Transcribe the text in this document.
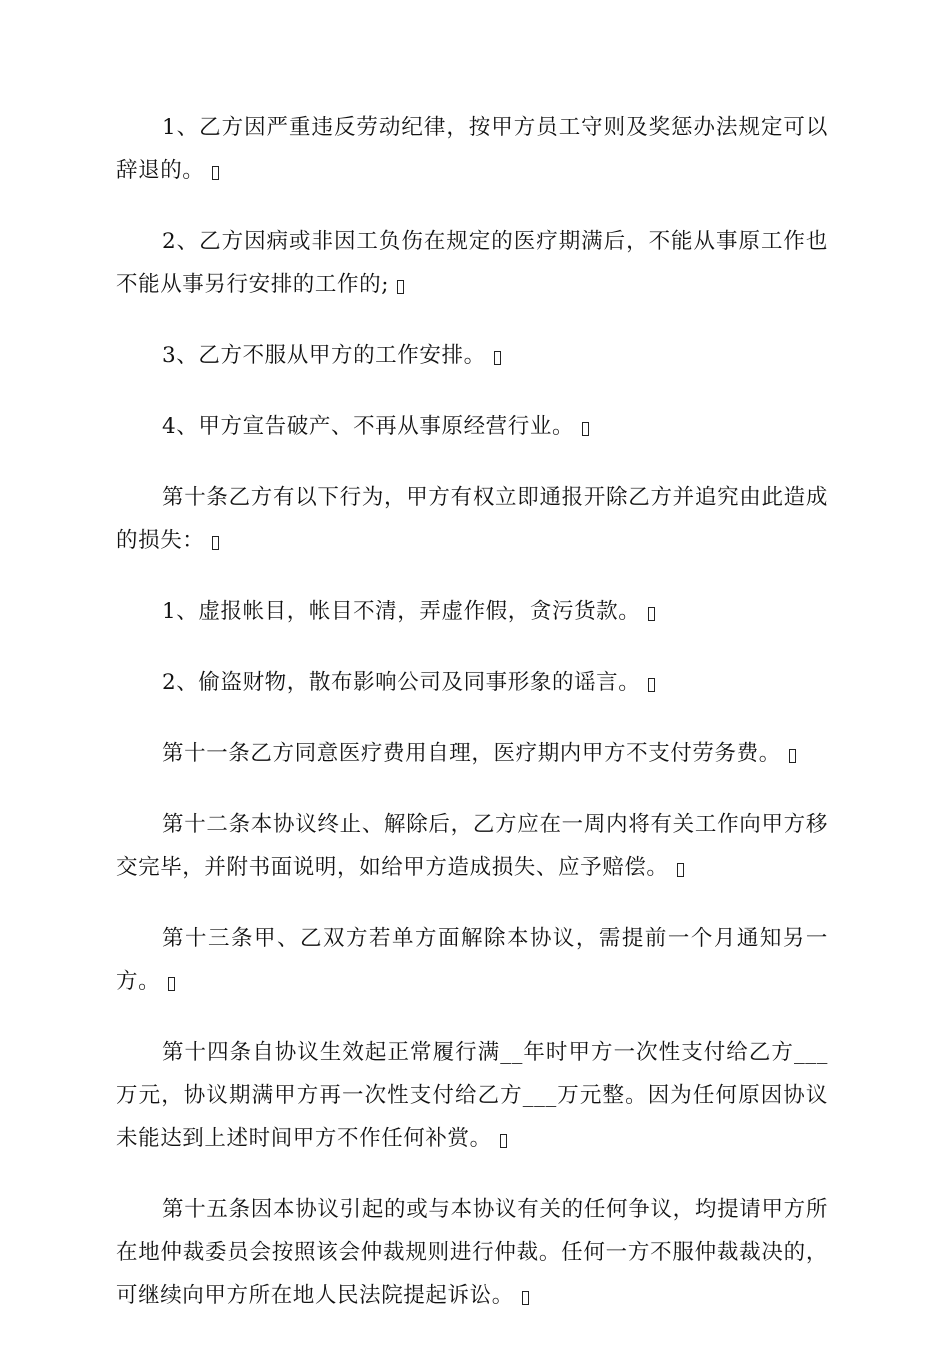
1、乙方因严重违反劳动纪律，按甲方员工守则及奖惩办法规定可以辞退的。

2、乙方因病或非因工负伤在规定的医疗期满后，不能从事原工作也不能从事另行安排的工作的;

3、乙方不服从甲方的工作安排。

4、甲方宣告破产、不再从事原经营行业。

第十条乙方有以下行为，甲方有权立即通报开除乙方并追究由此造成的损失：

1、虚报帐目，帐目不清，弄虚作假，贪污货款。

2、偷盗财物，散布影响公司及同事形象的谣言。

第十一条乙方同意医疗费用自理，医疗期内甲方不支付劳务费。

第十二条本协议终止、解除后，乙方应在一周内将有关工作向甲方移交完毕，并附书面说明，如给甲方造成损失、应予赔偿。

第十三条甲、乙双方若单方面解除本协议，需提前一个月通知另一方。

第十四条自协议生效起正常履行满__年时甲方一次性支付给乙方___万元，协议期满甲方再一次性支付给乙方___万元整。因为任何原因协议未能达到上述时间甲方不作任何补赏。

第十五条因本协议引起的或与本协议有关的任何争议，均提请甲方所在地仲裁委员会按照该会仲裁规则进行仲裁。任何一方不服仲裁裁决的，可继续向甲方所在地人民法院提起诉讼。
